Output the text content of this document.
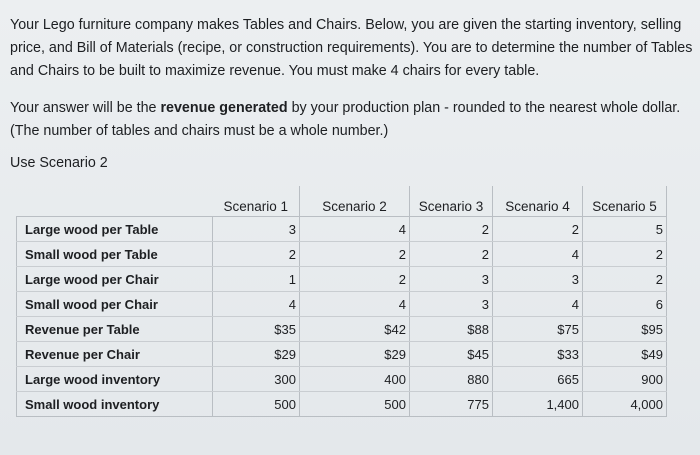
Your Lego furniture company makes Tables and Chairs. Below, you are given the starting inventory, selling price, and Bill of Materials (recipe, or construction requirements). You are to determine the number of Tables and Chairs to be built to maximize revenue. You must make 4 chairs for every table.

Your answer will be the revenue generated by your production plan - rounded to the nearest whole dollar. (The number of tables and chairs must be a whole number.)

Use Scenario 2

	Scenario 1	Scenario 2	Scenario 3	Scenario 4	Scenario 5
Large wood per Table	3	4	2	2	5
Small wood per Table	2	2	2	4	2
Large wood per Chair	1	2	3	3	2
Small wood per Chair	4	4	3	4	6
Revenue per Table	$35	$42	$88	$75	$95
Revenue per Chair	$29	$29	$45	$33	$49
Large wood inventory	300	400	880	665	900
Small wood inventory	500	500	775	1,400	4,000
